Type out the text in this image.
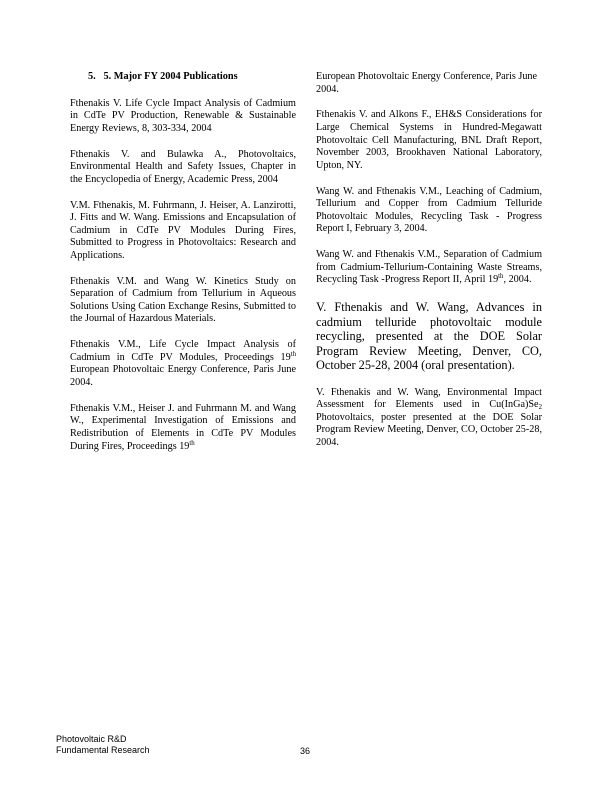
5. 5. Major FY 2004 Publications

Fthenakis V. Life Cycle Impact Analysis of Cadmium in CdTe PV Production, Renewable & Sustainable Energy Reviews, 8, 303-334, 2004

Fthenakis V. and Bulawka A., Photovoltaics, Environmental Health and Safety Issues, Chapter in the Encyclopedia of Energy, Academic Press, 2004

V.M. Fthenakis, M. Fuhrmann, J. Heiser, A. Lanzirotti, J. Fitts and W. Wang. Emissions and Encapsulation of Cadmium in CdTe PV Modules During Fires, Submitted to Progress in Photovoltaics: Research and Applications.

Fthenakis V.M. and Wang W. Kinetics Study on Separation of Cadmium from Tellurium in Aqueous Solutions Using Cation Exchange Resins, Submitted to the Journal of Hazardous Materials.

Fthenakis V.M., Life Cycle Impact Analysis of Cadmium in CdTe PV Modules, Proceedings 19th European Photovoltaic Energy Conference, Paris June 2004.

Fthenakis V.M., Heiser J. and Fuhrmann M. and Wang W., Experimental Investigation of Emissions and Redistribution of Elements in CdTe PV Modules During Fires, Proceedings 19th

European Photovoltaic Energy Conference, Paris June 2004.

Fthenakis V. and Alkons F., EH&S Considerations for Large Chemical Systems in Hundred-Megawatt Photovoltaic Cell Manufacturing, BNL Draft Report, November 2003, Brookhaven National Laboratory, Upton, NY.

Wang W. and Fthenakis V.M., Leaching of Cadmium, Tellurium and Copper from Cadmium Telluride Photovoltaic Modules, Recycling Task - Progress Report I, February 3, 2004.

Wang W. and Fthenakis V.M., Separation of Cadmium from Cadmium-Tellurium-Containing Waste Streams, Recycling Task -Progress Report II, April 19th, 2004.

V. Fthenakis and W. Wang, Advances in cadmium telluride photovoltaic module recycling, presented at the DOE Solar Program Review Meeting, Denver, CO, October 25-28, 2004 (oral presentation).

V. Fthenakis and W. Wang, Environmental Impact Assessment for Elements used in $Cu(InGa)Se_2$ Photovoltaics, poster presented at the DOE Solar Program Review Meeting, Denver, CO, October 25-28, 2004.

Photovoltaic R&D
Fundamental Research	36
